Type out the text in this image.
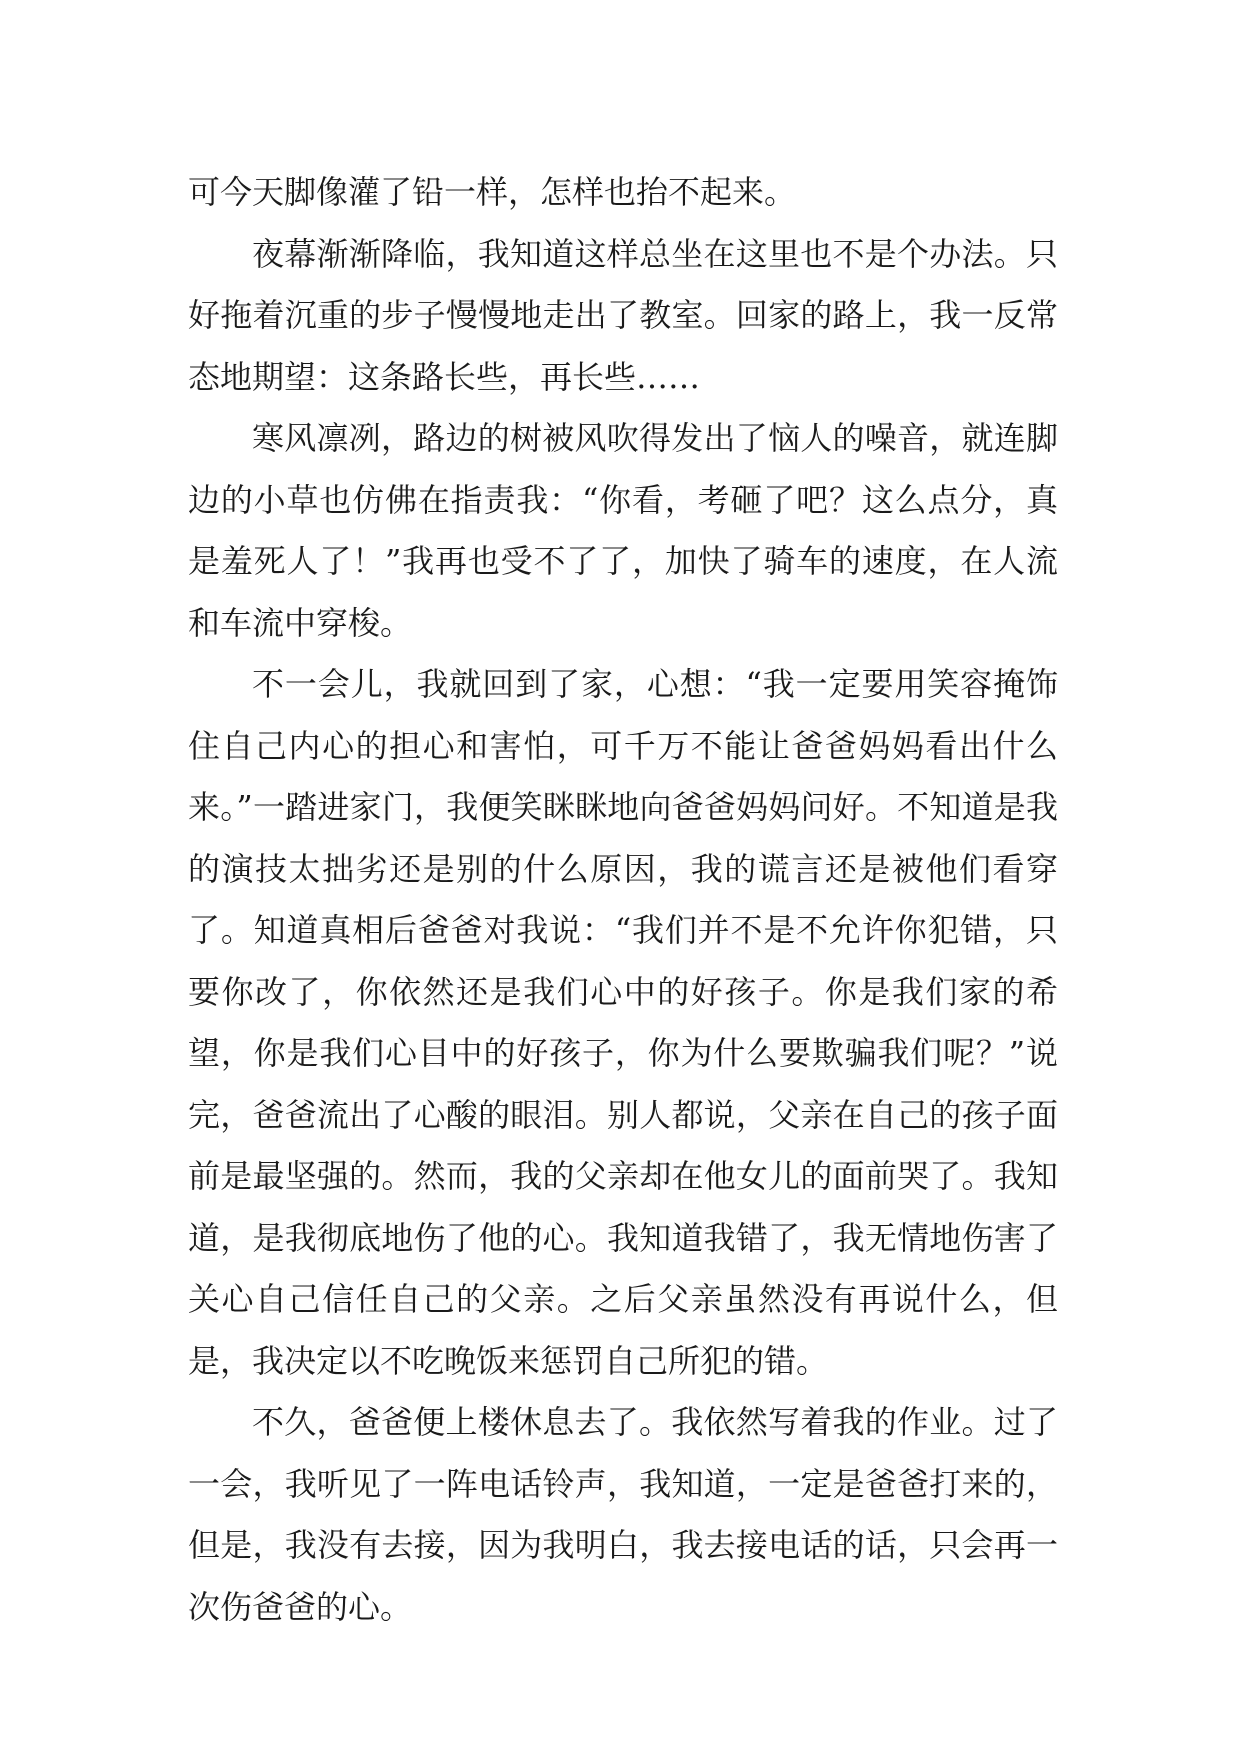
可今天脚像灌了铅一样，怎样也抬不起来。

夜幕渐渐降临，我知道这样总坐在这里也不是个办法。只好拖着沉重的步子慢慢地走出了教室。回家的路上，我一反常态地期望：这条路长些，再长些……

寒风凛冽，路边的树被风吹得发出了恼人的噪音，就连脚边的小草也仿佛在指责我：“你看，考砸了吧？这么点分，真是羞死人了！”我再也受不了了，加快了骑车的速度，在人流和车流中穿梭。

不一会儿，我就回到了家，心想：“我一定要用笑容掩饰住自己内心的担心和害怕，可千万不能让爸爸妈妈看出什么来。”一踏进家门，我便笑眯眯地向爸爸妈妈问好。不知道是我的演技太拙劣还是别的什么原因，我的谎言还是被他们看穿了。知道真相后爸爸对我说：“我们并不是不允许你犯错，只要你改了，你依然还是我们心中的好孩子。你是我们家的希望，你是我们心目中的好孩子，你为什么要欺骗我们呢？”说完，爸爸流出了心酸的眼泪。别人都说，父亲在自己的孩子面前是最坚强的。然而，我的父亲却在他女儿的面前哭了。我知道，是我彻底地伤了他的心。我知道我错了，我无情地伤害了关心自己信任自己的父亲。之后父亲虽然没有再说什么，但是，我决定以不吃晚饭来惩罚自己所犯的错。

不久，爸爸便上楼休息去了。我依然写着我的作业。过了一会，我听见了一阵电话铃声，我知道，一定是爸爸打来的，但是，我没有去接，因为我明白，我去接电话的话，只会再一次伤爸爸的心。
